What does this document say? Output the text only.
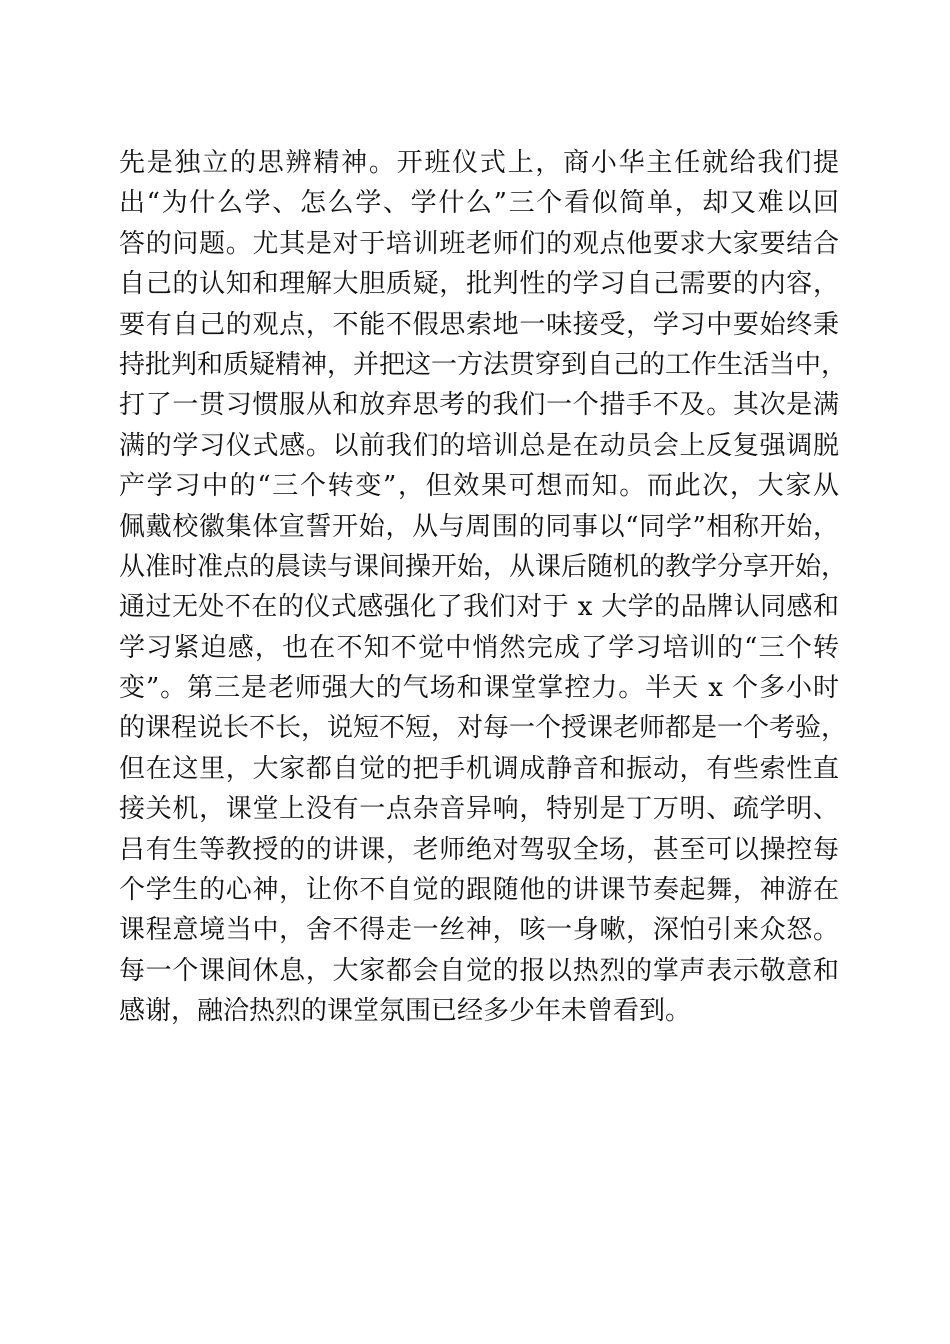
先是独立的思辨精神。开班仪式上，商小华主任就给我们提
出“为什么学、怎么学、学什么”三个看似简单，却又难以回
答的问题。尤其是对于培训班老师们的观点他要求大家要结合
自己的认知和理解大胆质疑，批判性的学习自己需要的内容，
要有自己的观点，不能不假思索地一味接受，学习中要始终秉
持批判和质疑精神，并把这一方法贯穿到自己的工作生活当中，
打了一贯习惯服从和放弃思考的我们一个措手不及。其次是满
满的学习仪式感。以前我们的培训总是在动员会上反复强调脱
产学习中的“三个转变”，但效果可想而知。而此次，大家从
佩戴校徽集体宣誓开始，从与周围的同事以“同学”相称开始，
从准时准点的晨读与课间操开始，从课后随机的教学分享开始，
通过无处不在的仪式感强化了我们对于 x 大学的品牌认同感和
学习紧迫感，也在不知不觉中悄然完成了学习培训的“三个转
变”。第三是老师强大的气场和课堂掌控力。半天 x 个多小时
的课程说长不长，说短不短，对每一个授课老师都是一个考验，
但在这里，大家都自觉的把手机调成静音和振动，有些索性直
接关机，课堂上没有一点杂音异响，特别是丁万明、疏学明、
吕有生等教授的的讲课，老师绝对驾驭全场，甚至可以操控每
个学生的心神，让你不自觉的跟随他的讲课节奏起舞，神游在
课程意境当中，舍不得走一丝神，咳一身嗽，深怕引来众怒。
每一个课间休息，大家都会自觉的报以热烈的掌声表示敬意和
感谢，融洽热烈的课堂氛围已经多少年未曾看到。
